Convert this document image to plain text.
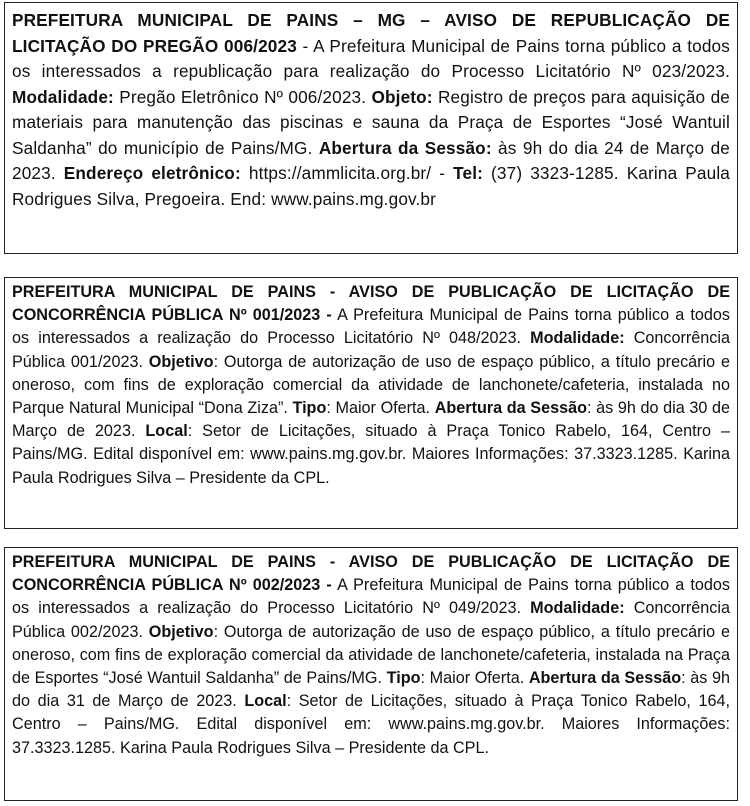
PREFEITURA MUNICIPAL DE PAINS – MG – AVISO DE REPUBLICAÇÃO DE LICITAÇÃO DO PREGÃO 006/2023 - A Prefeitura Municipal de Pains torna público a todos os interessados a republicação para realização do Processo Licitatório Nº 023/2023. Modalidade: Pregão Eletrônico Nº 006/2023. Objeto: Registro de preços para aquisição de materiais para manutenção das piscinas e sauna da Praça de Esportes “José Wantuil Saldanha” do município de Pains/MG. Abertura da Sessão: às 9h do dia 24 de Março de 2023. Endereço eletrônico: https://ammlicita.org.br/ - Tel: (37) 3323-1285. Karina Paula Rodrigues Silva, Pregoeira. End: www.pains.mg.gov.br

PREFEITURA MUNICIPAL DE PAINS - AVISO DE PUBLICAÇÃO DE LICITAÇÃO DE CONCORRÊNCIA PÚBLICA Nº 001/2023 - A Prefeitura Municipal de Pains torna público a todos os interessados a realização do Processo Licitatório Nº 048/2023. Modalidade: Concorrência Pública 001/2023. Objetivo: Outorga de autorização de uso de espaço público, a título precário e oneroso, com fins de exploração comercial da atividade de lanchonete/cafeteria, instalada no Parque Natural Municipal “Dona Ziza”. Tipo: Maior Oferta. Abertura da Sessão: às 9h do dia 30 de Março de 2023. Local: Setor de Licitações, situado à Praça Tonico Rabelo, 164, Centro – Pains/MG. Edital disponível em: www.pains.mg.gov.br. Maiores Informações: 37.3323.1285. Karina Paula Rodrigues Silva – Presidente da CPL.

PREFEITURA MUNICIPAL DE PAINS - AVISO DE PUBLICAÇÃO DE LICITAÇÃO DE CONCORRÊNCIA PÚBLICA Nº 002/2023 - A Prefeitura Municipal de Pains torna público a todos os interessados a realização do Processo Licitatório Nº 049/2023. Modalidade: Concorrência Pública 002/2023. Objetivo: Outorga de autorização de uso de espaço público, a título precário e oneroso, com fins de exploração comercial da atividade de lanchonete/cafeteria, instalada na Praça de Esportes “José Wantuil Saldanha” de Pains/MG. Tipo: Maior Oferta. Abertura da Sessão: às 9h do dia 31 de Março de 2023. Local: Setor de Licitações, situado à Praça Tonico Rabelo, 164, Centro – Pains/MG. Edital disponível em: www.pains.mg.gov.br. Maiores Informações: 37.3323.1285. Karina Paula Rodrigues Silva – Presidente da CPL.
